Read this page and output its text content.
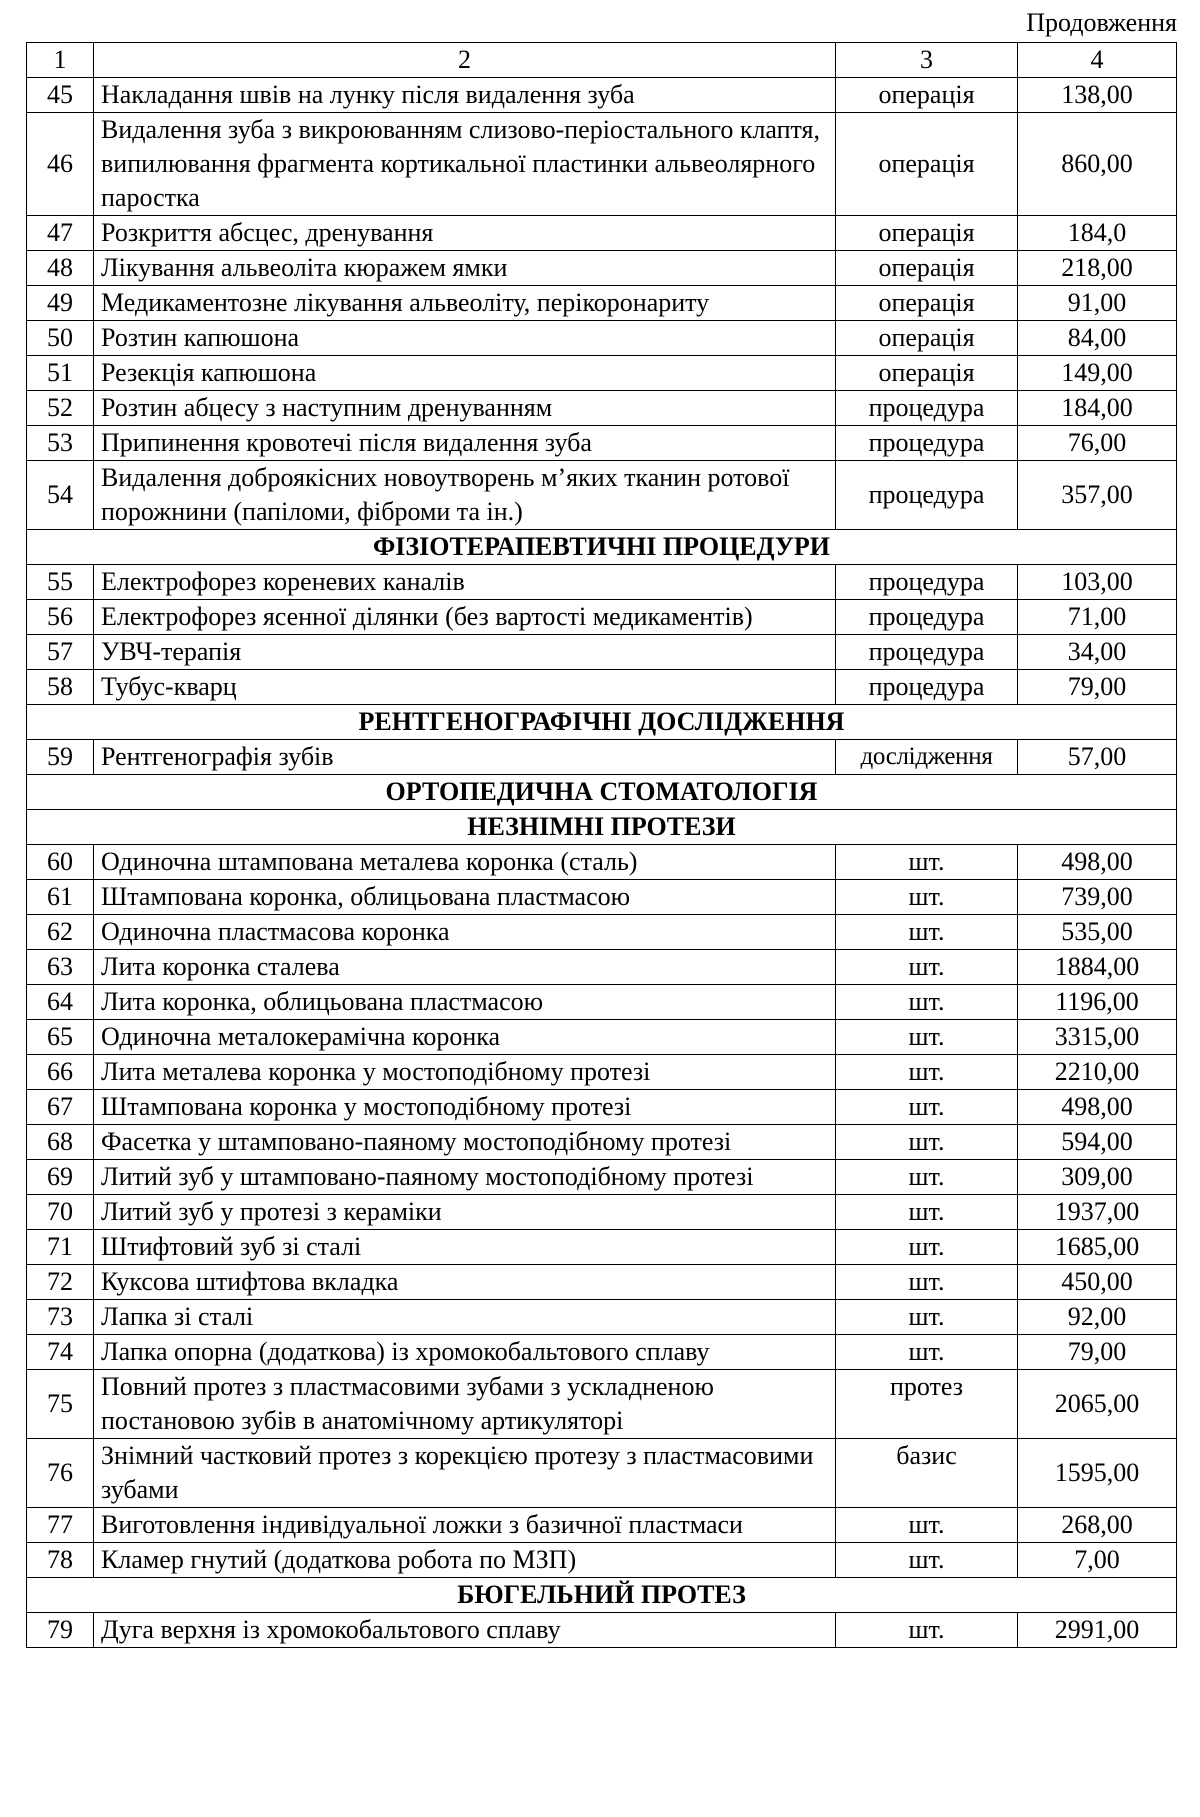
Продовження
1	2	3	4
45	Накладання швів на лунку після видалення зуба	операція	138,00
46	Видалення зуба з викроюванням слизово-періостального клаптя, випилювання фрагмента кортикальної пластинки альвеолярного паростка	операція	860,00
47	Розкриття абсцес, дренування	операція	184,0
48	Лікування альвеоліта кюражем ямки	операція	218,00
49	Медикаментозне лікування альвеоліту, перікоронариту	операція	91,00
50	Розтин капюшона	операція	84,00
51	Резекція капюшона	операція	149,00
52	Розтин абцесу з наступним дренуванням	процедура	184,00
53	Припинення кровотечі після видалення зуба	процедура	76,00
54	Видалення доброякісних новоутворень м’яких тканин ротової порожнини (папіломи, фіброми та ін.)	процедура	357,00
ФІЗІОТЕРАПЕВТИЧНІ ПРОЦЕДУРИ			
55	Електрофорез кореневих каналів	процедура	103,00
56	Електрофорез ясенної ділянки (без вартості медикаментів)	процедура	71,00
57	УВЧ-терапія	процедура	34,00
58	Тубус-кварц	процедура	79,00
РЕНТГЕНОГРАФІЧНІ ДОСЛІДЖЕННЯ			
59	Рентгенографія зубів	дослідження	57,00
ОРТОПЕДИЧНА СТОМАТОЛОГІЯ			
НЕЗНІМНІ ПРОТЕЗИ			
60	Одиночна штампована металева коронка (сталь)	шт.	498,00
61	Штампована коронка, облицьована пластмасою	шт.	739,00
62	Одиночна пластмасова коронка	шт.	535,00
63	Лита коронка сталева	шт.	1884,00
64	Лита коронка, облицьована пластмасою	шт.	1196,00
65	Одиночна металокерамічна коронка	шт.	3315,00
66	Лита металева коронка у мостоподібному протезі	шт.	2210,00
67	Штампована коронка у мостоподібному протезі	шт.	498,00
68	Фасетка у штамповано-паяному мостоподібному протезі	шт.	594,00
69	Литий зуб у штамповано-паяному мостоподібному протезі	шт.	309,00
70	Литий зуб у протезі з кераміки	шт.	1937,00
71	Штифтовий зуб зі сталі	шт.	1685,00
72	Куксова штифтова вкладка	шт.	450,00
73	Лапка зі сталі	шт.	92,00
74	Лапка опорна (додаткова) із хромокобальтового сплаву	шт.	79,00
75	Повний протез з пластмасовими зубами з ускладненою постановою зубів в анатомічному артикуляторі	протез	2065,00
76	Знімний частковий протез з корекцією протезу з пластмасовими зубами	базис	1595,00
77	Виготовлення індивідуальної ложки з базичної пластмаси	шт.	268,00
78	Кламер гнутий (додаткова робота по МЗП)	шт.	7,00
БЮГЕЛЬНИЙ ПРОТЕЗ			
79	Дуга верхня із хромокобальтового сплаву	шт.	2991,00
